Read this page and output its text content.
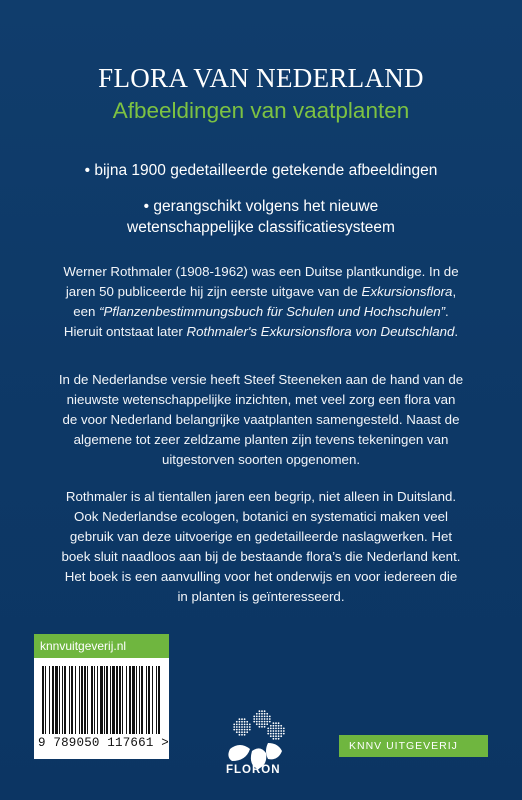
FLORA VAN NEDERLAND
Afbeeldingen van vaatplanten
• bijna 1900 gedetailleerde getekende afbeeldingen
• gerangschikt volgens het nieuwe
wetenschappelijke classificatiesysteem

Werner Rothmaler (1908-1962) was een Duitse plantkundige. In de jaren 50 publiceerde hij zijn eerste uitgave van de Exkursionsflora, een “Pflanzenbestimmungsbuch für Schulen und Hochschulen”. Hieruit ontstaat later Rothmaler's Exkursionsflora von Deutschland.

In de Nederlandse versie heeft Steef Steeneken aan de hand van de nieuwste wetenschappelijke inzichten, met veel zorg een flora van de voor Nederland belangrijke vaatplanten samengesteld. Naast de algemene tot zeer zeldzame planten zijn tevens tekeningen van uitgestorven soorten opgenomen.

Rothmaler is al tientallen jaren een begrip, niet alleen in Duitsland. Ook Nederlandse ecologen, botanici en systematici maken veel gebruik van deze uitvoerige en gedetailleerde naslagwerken. Het boek sluit naadloos aan bij de bestaande flora’s die Nederland kent. Het boek is een aanvulling voor het onderwijs en voor iedereen die in planten is geïnteresseerd.

knnvuitgeverij.nl
9 789050 117661 >
FLORON
KNNV UITGEVERIJ
